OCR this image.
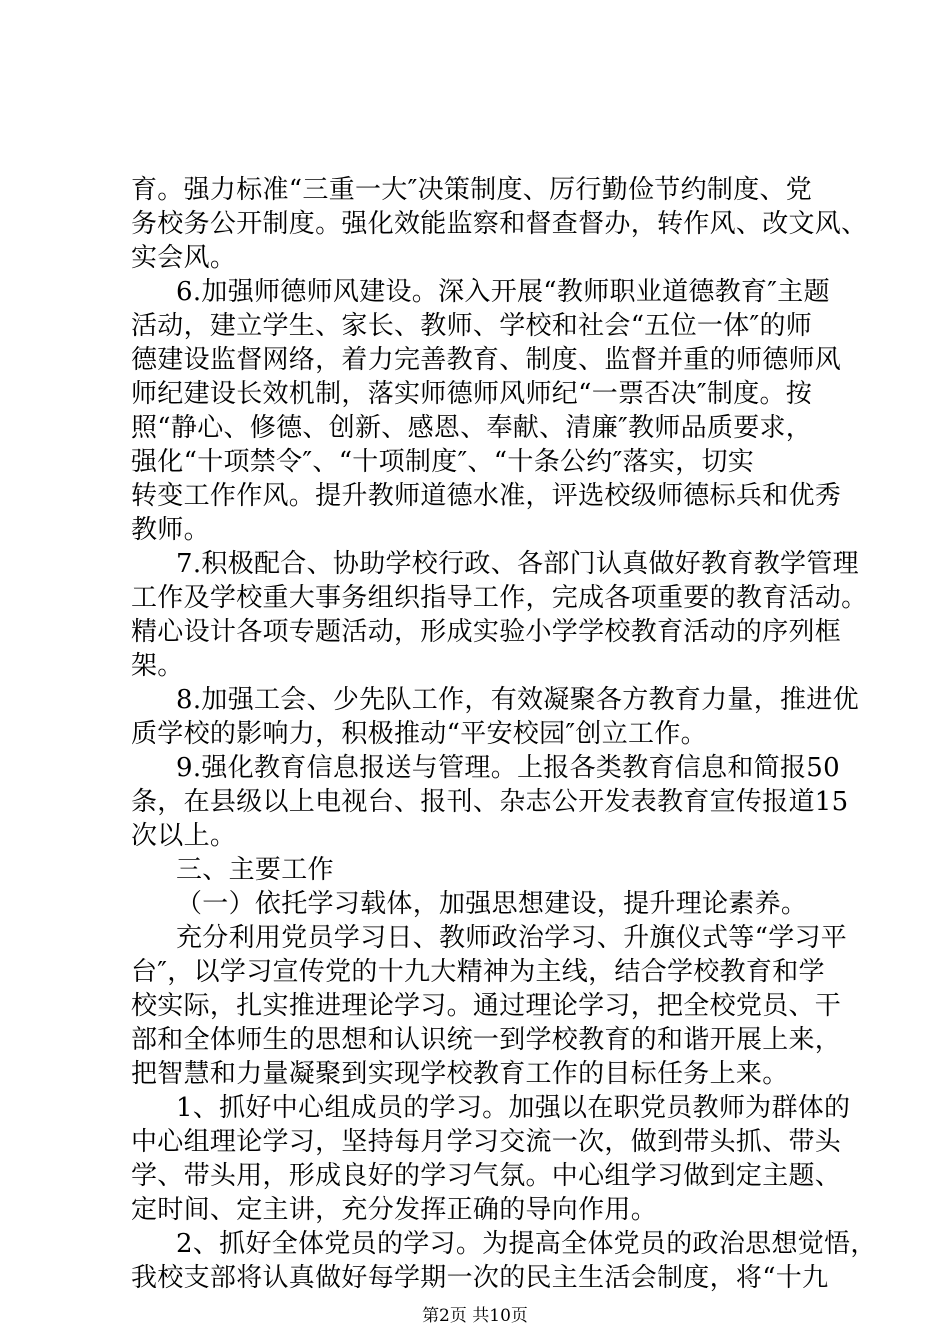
育。强力标准“三重一大″决策制度、厉行勤俭节约制度、党
务校务公开制度。强化效能监察和督查督办，转作风、改文风、
实会风。
6.加强师德师风建设。深入开展“教师职业道德教育″主题
活动，建立学生、家长、教师、学校和社会“五位一体″的师
德建设监督网络，着力完善教育、制度、监督并重的师德师风
师纪建设长效机制，落实师德师风师纪“一票否决″制度。按
照“静心、修德、创新、感恩、奉献、清廉″教师品质要求，
强化“十项禁令″、“十项制度″、“十条公约″落实，切实
转变工作作风。提升教师道德水准，评选校级师德标兵和优秀
教师。
7.积极配合、协助学校行政、各部门认真做好教育教学管理
工作及学校重大事务组织指导工作，完成各项重要的教育活动。
精心设计各项专题活动，形成实验小学学校教育活动的序列框
架。
8.加强工会、少先队工作，有效凝聚各方教育力量，推进优
质学校的影响力，积极推动“平安校园″创立工作。
9.强化教育信息报送与管理。上报各类教育信息和简报50
条，在县级以上电视台、报刊、杂志公开发表教育宣传报道15
次以上。
三、主要工作
（一）依托学习载体，加强思想建设，提升理论素养。
充分利用党员学习日、教师政治学习、升旗仪式等“学习平
台″，以学习宣传党的十九大精神为主线，结合学校教育和学
校实际，扎实推进理论学习。通过理论学习，把全校党员、干
部和全体师生的思想和认识统一到学校教育的和谐开展上来，
把智慧和力量凝聚到实现学校教育工作的目标任务上来。
1、抓好中心组成员的学习。加强以在职党员教师为群体的
中心组理论学习，坚持每月学习交流一次，做到带头抓、带头
学、带头用，形成良好的学习气氛。中心组学习做到定主题、
定时间、定主讲，充分发挥正确的导向作用。
2、抓好全体党员的学习。为提高全体党员的政治思想觉悟，
我校支部将认真做好每学期一次的民主生活会制度，将“十九
第2页 共10页
